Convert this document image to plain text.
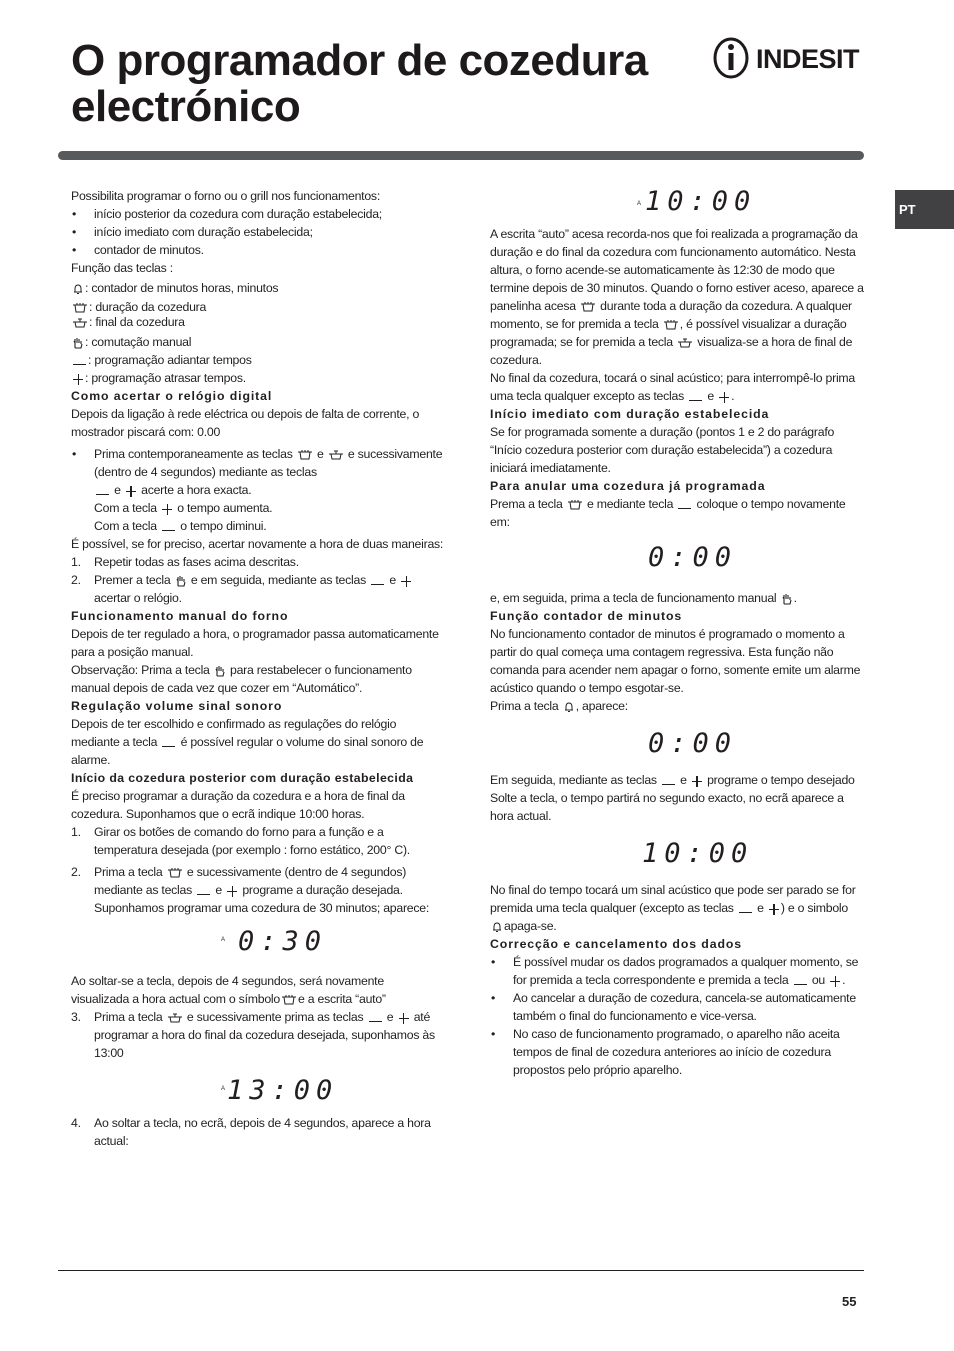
O programador de cozedura
electrónico
INDESIT
PT

Possibilita programar o forno ou o grill nos funcionamentos:

• início posterior da cozedura com duração estabelecida;

• início imediato com duração estabelecida;

• contador de minutos.

Função das teclas :

: contador de minutos horas, minutos

: duração da cozedura

: final da cozedura

: comutação manual

: programação adiantar tempos

: programação atrasar tempos.

Como acertar o relógio digital

Depois da ligação à rede eléctrica ou depois de falta de corrente, o mostrador piscará com: 0.00

• Prima contemporaneamente as teclas e e sucessivamente (dentro de 4 segundos) mediante as teclas
e acerte a hora exacta.
Com a tecla o tempo aumenta.
Com a tecla o tempo diminui.

É possível, se for preciso, acertar novamente a hora de duas maneiras:

1. Repetir todas as fases acima descritas.

2. Premer a tecla e em seguida, mediante as teclas e  acertar o relógio.

Funcionamento manual do forno

Depois de ter regulado a hora, o programador passa automaticamente para a posição manual.

Observação: Prima a tecla para restabelecer o funcionamento manual depois de cada vez que cozer em “Automático”.

Regulação volume sinal sonoro

Depois de ter escolhido e confirmado as regulações do relógio mediante a tecla é possível regular o volume do sinal sonoro de alarme.

Início da cozedura posterior com duração estabelecida

É preciso programar a duração da cozedura e a hora de final da cozedura. Suponhamos que o ecrã indique 10:00 horas.

1. Girar os botões de comando do forno para a função e a temperatura desejada (por exemplo : forno estático, 200° C).

2. Prima a tecla e sucessivamente (dentro de 4 segundos) mediante as teclas e programe a duração desejada.
Suponhamos programar uma cozedura de 30 minutos; aparece:

A 0:30

Ao soltar-se a tecla, depois de 4 segundos, será novamente visualizada a hora actual com o símbolo e a escrita “auto”

3. Prima a tecla e sucessivamente prima as teclas e até programar a hora do final da cozedura desejada, suponhamos às 13:00

A 13:00

4. Ao soltar a tecla, no ecrã, depois de 4 segundos, aparece a hora actual:

A 10:00

A escrita “auto” acesa recorda-nos que foi realizada a programação da duração e do final da cozedura com funcionamento automático. Nesta altura, o forno acende-se automaticamente às 12:30 de modo que termine depois de 30 minutos. Quando o forno estiver aceso, aparece a panelinha acesa durante toda a duração da cozedura. A qualquer momento, se for premida a tecla , é possível visualizar a duração programada; se for premida a tecla visualiza-se a hora de final de cozedura.

No final da cozedura, tocará o sinal acústico; para interrompê-lo prima uma tecla qualquer excepto as teclas e .

Início imediato com duração estabelecida

Se for programada somente a duração (pontos 1 e 2 do parágrafo “Início cozedura posterior com duração estabelecida”) a cozedura iniciará imediatamente.

Para anular uma cozedura já programada

Prema a tecla e mediante tecla coloque o tempo novamente em:

0:00

e, em seguida, prima a tecla de funcionamento manual .

Função contador de minutos

No funcionamento contador de minutos é programado o momento a partir do qual começa uma contagem regressiva. Esta função não comanda para acender nem apagar o forno, somente emite um alarme acústico quando o tempo esgotar-se.

Prima a tecla , aparece:

0:00

Em seguida, mediante as teclas e programe o tempo desejado Solte a tecla, o tempo partirá no segundo exacto, no ecrã aparece a hora actual.

10:00

No final do tempo tocará um sinal acústico que pode ser parado se for premida uma tecla qualquer (excepto as teclas e ) e o simbolo
apaga-se.

Correcção e cancelamento dos dados

• É possível mudar os dados programados a qualquer momento, se for premida a tecla correspondente e premida a tecla ou .

• Ao cancelar a duração de cozedura, cancela-se automaticamente também o final do funcionamento e vice-versa.

• No caso de funcionamento programado, o aparelho não aceita tempos de final de cozedura anteriores ao início de cozedura propostos pelo próprio aparelho.

55
